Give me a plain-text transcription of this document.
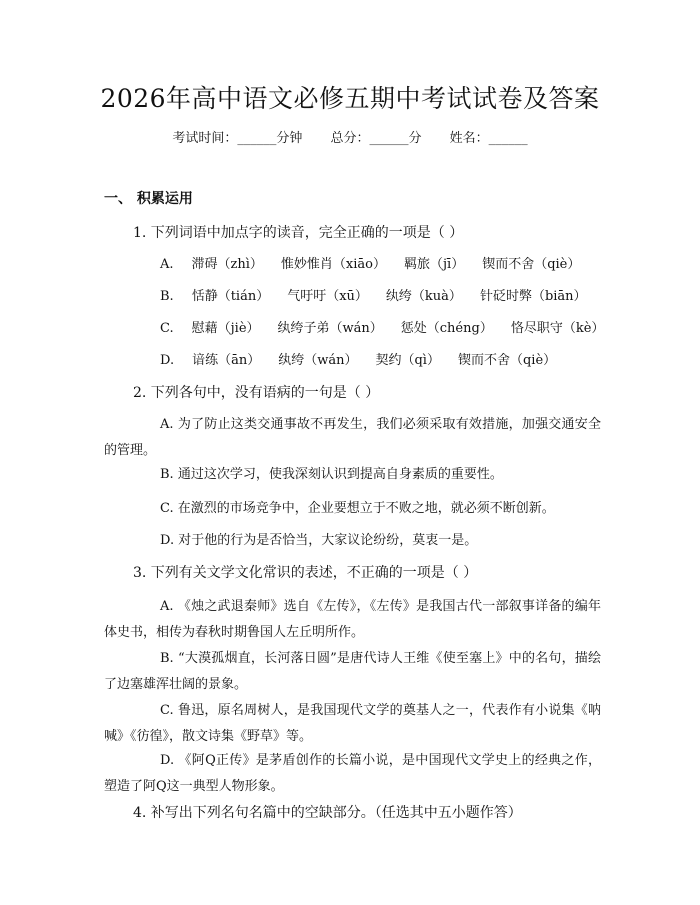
2026年高中语文必修五期中考试试卷及答案
考试时间：______分钟 总分：______分 姓名：______
一、 积累运用
1. 下列词语中加点字的读音，完全正确的一项是（ ）
A. 滞碍（zhì） 惟妙惟肖（xiāo） 羁旅（jī） 锲而不舍（qiè）
B. 恬静（tián） 气吁吁（xū） 纨绔（kuà） 针砭时弊（biān）
C. 慰藉（jiè） 纨绔子弟（wán） 惩处（chéng） 恪尽职守（kè）
D. 谙练（ān） 纨绔（wán） 契约（qì） 锲而不舍（qiè）
2. 下列各句中，没有语病的一句是（ ）
A. 为了防止这类交通事故不再发生，我们必须采取有效措施，加强交通安全的管理。
B. 通过这次学习，使我深刻认识到提高自身素质的重要性。
C. 在激烈的市场竞争中，企业要想立于不败之地，就必须不断创新。
D. 对于他的行为是否恰当，大家议论纷纷，莫衷一是。
3. 下列有关文学文化常识的表述，不正确的一项是（ ）
A. 《烛之武退秦师》选自《左传》，《左传》是我国古代一部叙事详备的编年体史书，相传为春秋时期鲁国人左丘明所作。
B. “大漠孤烟直，长河落日圆”是唐代诗人王维《使至塞上》中的名句，描绘了边塞雄浑壮阔的景象。
C. 鲁迅，原名周树人，是我国现代文学的奠基人之一，代表作有小说集《呐喊》《彷徨》，散文诗集《野草》等。
D. 《阿Q正传》是茅盾创作的长篇小说，是中国现代文学史上的经典之作，塑造了阿Q这一典型人物形象。
4. 补写出下列名句名篇中的空缺部分。（任选其中五小题作答）
